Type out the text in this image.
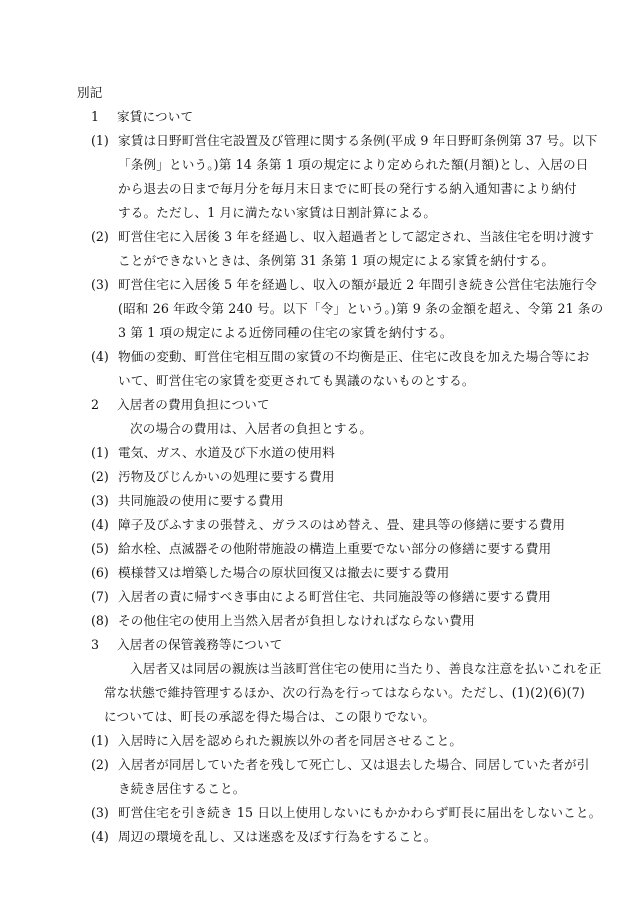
別記
1 家賃について
(1) 家賃は日野町営住宅設置及び管理に関する条例(平成 9 年日野町条例第 37 号。以下
「条例」という。)第 14 条第 1 項の規定により定められた額(月額)とし、入居の日
から退去の日まで毎月分を毎月末日までに町長の発行する納入通知書により納付
する。ただし、1 月に満たない家賃は日割計算による。
(2) 町営住宅に入居後 3 年を経過し、収入超過者として認定され、当該住宅を明け渡す
ことができないときは、条例第 31 条第 1 項の規定による家賃を納付する。
(3) 町営住宅に入居後 5 年を経過し、収入の額が最近 2 年間引き続き公営住宅法施行令
(昭和 26 年政令第 240 号。以下「令」という。)第 9 条の金額を超え、令第 21 条の
3 第 1 項の規定による近傍同種の住宅の家賃を納付する。
(4) 物価の変動、町営住宅相互間の家賃の不均衡是正、住宅に改良を加えた場合等にお
いて、町営住宅の家賃を変更されても異議のないものとする。
2 入居者の費用負担について
次の場合の費用は、入居者の負担とする。
(1) 電気、ガス、水道及び下水道の使用料
(2) 汚物及びじんかいの処理に要する費用
(3) 共同施設の使用に要する費用
(4) 障子及びふすまの張替え、ガラスのはめ替え、畳、建具等の修繕に要する費用
(5) 給水栓、点滅器その他附帯施設の構造上重要でない部分の修繕に要する費用
(6) 模様替又は増築した場合の原状回復又は撤去に要する費用
(7) 入居者の責に帰すべき事由による町営住宅、共同施設等の修繕に要する費用
(8) その他住宅の使用上当然入居者が負担しなければならない費用
3 入居者の保管義務等について
入居者又は同居の親族は当該町営住宅の使用に当たり、善良な注意を払いこれを正
常な状態で維持管理するほか、次の行為を行ってはならない。ただし、(1)(2)(6)(7)
については、町長の承認を得た場合は、この限りでない。
(1) 入居時に入居を認められた親族以外の者を同居させること。
(2) 入居者が同居していた者を残して死亡し、又は退去した場合、同居していた者が引
き続き居住すること。
(3) 町営住宅を引き続き 15 日以上使用しないにもかかわらず町長に届出をしないこと。
(4) 周辺の環境を乱し、又は迷惑を及ぼす行為をすること。
